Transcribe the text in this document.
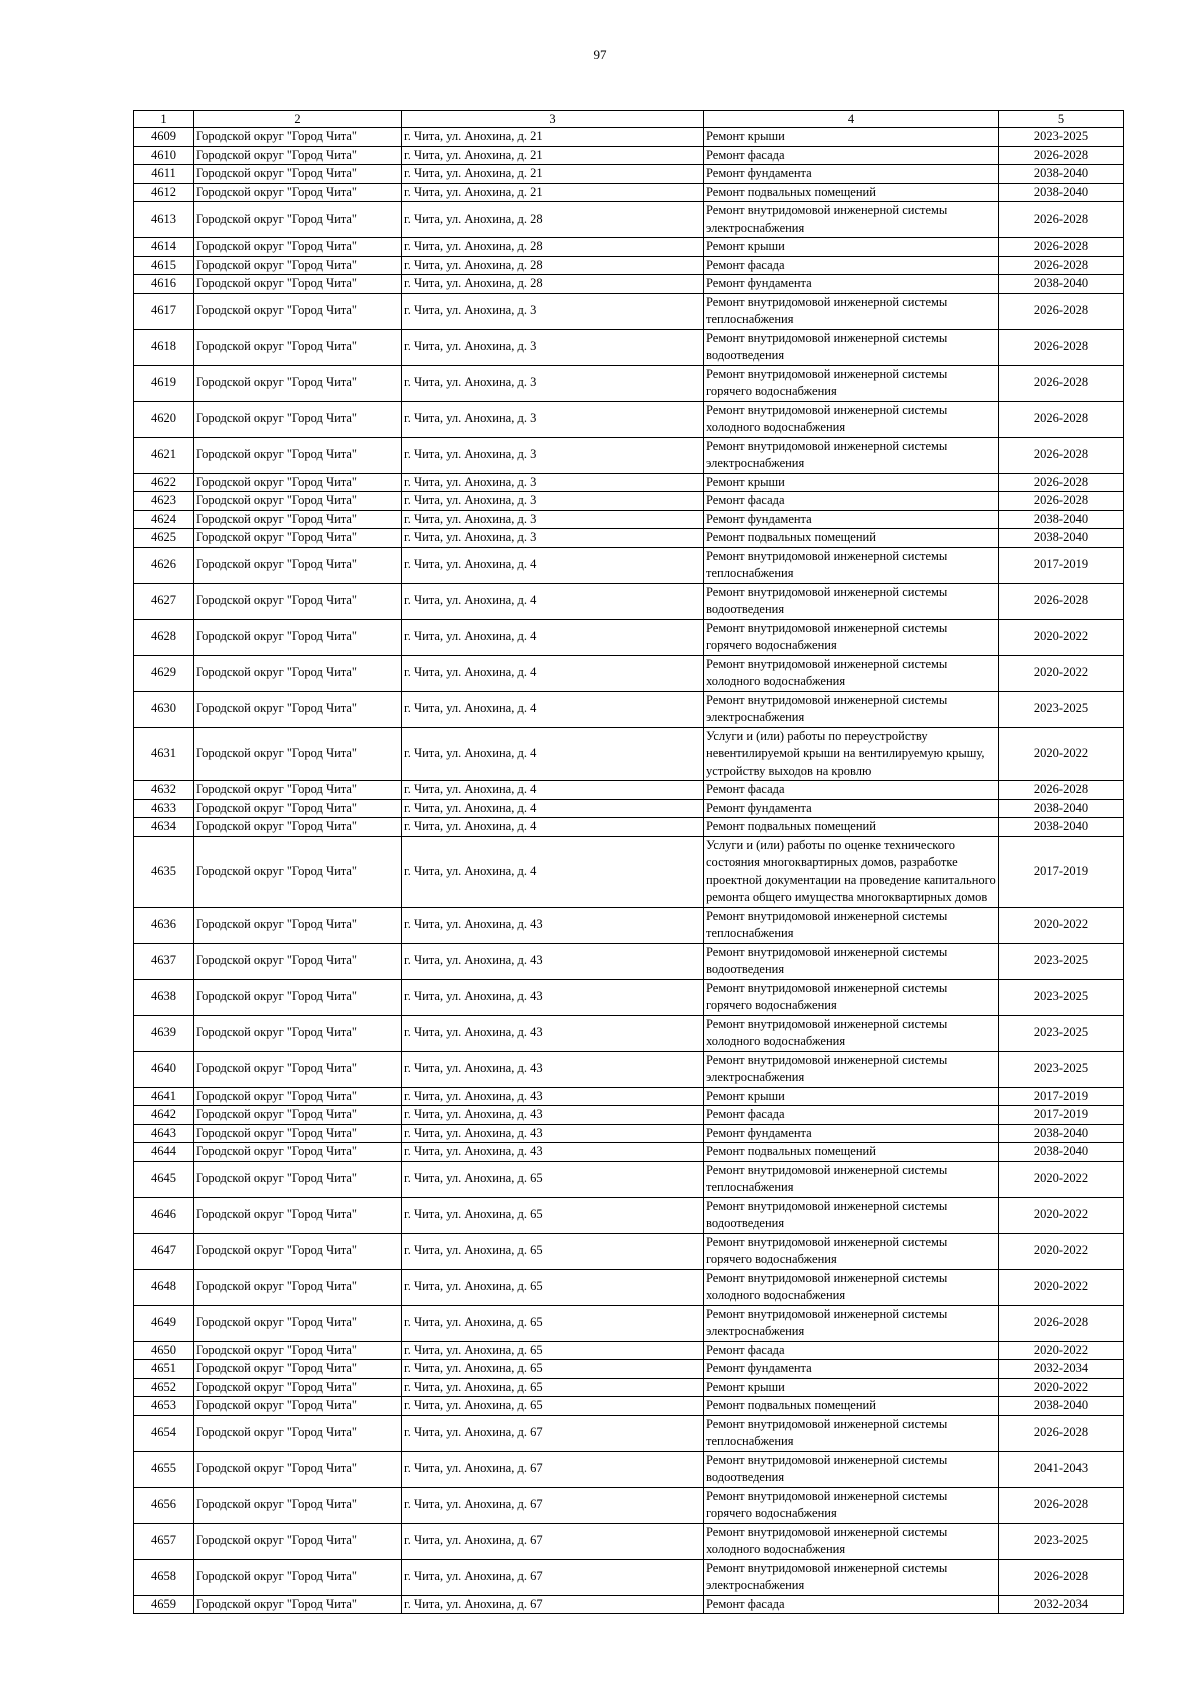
97
1	2	3	4	5
4609	Городской округ "Город Чита"	г. Чита, ул. Анохина, д. 21	Ремонт крыши	2023-2025
4610	Городской округ "Город Чита"	г. Чита, ул. Анохина, д. 21	Ремонт фасада	2026-2028
4611	Городской округ "Город Чита"	г. Чита, ул. Анохина, д. 21	Ремонт фундамента	2038-2040
4612	Городской округ "Город Чита"	г. Чита, ул. Анохина, д. 21	Ремонт подвальных помещений	2038-2040
4613	Городской округ "Город Чита"	г. Чита, ул. Анохина, д. 28	Ремонт внутридомовой инженерной системы электроснабжения	2026-2028
4614	Городской округ "Город Чита"	г. Чита, ул. Анохина, д. 28	Ремонт крыши	2026-2028
4615	Городской округ "Город Чита"	г. Чита, ул. Анохина, д. 28	Ремонт фасада	2026-2028
4616	Городской округ "Город Чита"	г. Чита, ул. Анохина, д. 28	Ремонт фундамента	2038-2040
4617	Городской округ "Город Чита"	г. Чита, ул. Анохина, д. 3	Ремонт внутридомовой инженерной системы теплоснабжения	2026-2028
4618	Городской округ "Город Чита"	г. Чита, ул. Анохина, д. 3	Ремонт внутридомовой инженерной системы водоотведения	2026-2028
4619	Городской округ "Город Чита"	г. Чита, ул. Анохина, д. 3	Ремонт внутридомовой инженерной системы горячего водоснабжения	2026-2028
4620	Городской округ "Город Чита"	г. Чита, ул. Анохина, д. 3	Ремонт внутридомовой инженерной системы холодного водоснабжения	2026-2028
4621	Городской округ "Город Чита"	г. Чита, ул. Анохина, д. 3	Ремонт внутридомовой инженерной системы электроснабжения	2026-2028
4622	Городской округ "Город Чита"	г. Чита, ул. Анохина, д. 3	Ремонт крыши	2026-2028
4623	Городской округ "Город Чита"	г. Чита, ул. Анохина, д. 3	Ремонт фасада	2026-2028
4624	Городской округ "Город Чита"	г. Чита, ул. Анохина, д. 3	Ремонт фундамента	2038-2040
4625	Городской округ "Город Чита"	г. Чита, ул. Анохина, д. 3	Ремонт подвальных помещений	2038-2040
4626	Городской округ "Город Чита"	г. Чита, ул. Анохина, д. 4	Ремонт внутридомовой инженерной системы теплоснабжения	2017-2019
4627	Городской округ "Город Чита"	г. Чита, ул. Анохина, д. 4	Ремонт внутридомовой инженерной системы водоотведения	2026-2028
4628	Городской округ "Город Чита"	г. Чита, ул. Анохина, д. 4	Ремонт внутридомовой инженерной системы горячего водоснабжения	2020-2022
4629	Городской округ "Город Чита"	г. Чита, ул. Анохина, д. 4	Ремонт внутридомовой инженерной системы холодного водоснабжения	2020-2022
4630	Городской округ "Город Чита"	г. Чита, ул. Анохина, д. 4	Ремонт внутридомовой инженерной системы электроснабжения	2023-2025
4631	Городской округ "Город Чита"	г. Чита, ул. Анохина, д. 4	Услуги и (или) работы по переустройству невентилируемой крыши на вентилируемую крышу, устройству выходов на кровлю	2020-2022
4632	Городской округ "Город Чита"	г. Чита, ул. Анохина, д. 4	Ремонт фасада	2026-2028
4633	Городской округ "Город Чита"	г. Чита, ул. Анохина, д. 4	Ремонт фундамента	2038-2040
4634	Городской округ "Город Чита"	г. Чита, ул. Анохина, д. 4	Ремонт подвальных помещений	2038-2040
4635	Городской округ "Город Чита"	г. Чита, ул. Анохина, д. 4	Услуги и (или) работы по оценке технического состояния многоквартирных домов, разработке проектной документации на проведение капитального ремонта общего имущества многоквартирных домов	2017-2019
4636	Городской округ "Город Чита"	г. Чита, ул. Анохина, д. 43	Ремонт внутридомовой инженерной системы теплоснабжения	2020-2022
4637	Городской округ "Город Чита"	г. Чита, ул. Анохина, д. 43	Ремонт внутридомовой инженерной системы водоотведения	2023-2025
4638	Городской округ "Город Чита"	г. Чита, ул. Анохина, д. 43	Ремонт внутридомовой инженерной системы горячего водоснабжения	2023-2025
4639	Городской округ "Город Чита"	г. Чита, ул. Анохина, д. 43	Ремонт внутридомовой инженерной системы холодного водоснабжения	2023-2025
4640	Городской округ "Город Чита"	г. Чита, ул. Анохина, д. 43	Ремонт внутридомовой инженерной системы электроснабжения	2023-2025
4641	Городской округ "Город Чита"	г. Чита, ул. Анохина, д. 43	Ремонт крыши	2017-2019
4642	Городской округ "Город Чита"	г. Чита, ул. Анохина, д. 43	Ремонт фасада	2017-2019
4643	Городской округ "Город Чита"	г. Чита, ул. Анохина, д. 43	Ремонт фундамента	2038-2040
4644	Городской округ "Город Чита"	г. Чита, ул. Анохина, д. 43	Ремонт подвальных помещений	2038-2040
4645	Городской округ "Город Чита"	г. Чита, ул. Анохина, д. 65	Ремонт внутридомовой инженерной системы теплоснабжения	2020-2022
4646	Городской округ "Город Чита"	г. Чита, ул. Анохина, д. 65	Ремонт внутридомовой инженерной системы водоотведения	2020-2022
4647	Городской округ "Город Чита"	г. Чита, ул. Анохина, д. 65	Ремонт внутридомовой инженерной системы горячего водоснабжения	2020-2022
4648	Городской округ "Город Чита"	г. Чита, ул. Анохина, д. 65	Ремонт внутридомовой инженерной системы холодного водоснабжения	2020-2022
4649	Городской округ "Город Чита"	г. Чита, ул. Анохина, д. 65	Ремонт внутридомовой инженерной системы электроснабжения	2026-2028
4650	Городской округ "Город Чита"	г. Чита, ул. Анохина, д. 65	Ремонт фасада	2020-2022
4651	Городской округ "Город Чита"	г. Чита, ул. Анохина, д. 65	Ремонт фундамента	2032-2034
4652	Городской округ "Город Чита"	г. Чита, ул. Анохина, д. 65	Ремонт крыши	2020-2022
4653	Городской округ "Город Чита"	г. Чита, ул. Анохина, д. 65	Ремонт подвальных помещений	2038-2040
4654	Городской округ "Город Чита"	г. Чита, ул. Анохина, д. 67	Ремонт внутридомовой инженерной системы теплоснабжения	2026-2028
4655	Городской округ "Город Чита"	г. Чита, ул. Анохина, д. 67	Ремонт внутридомовой инженерной системы водоотведения	2041-2043
4656	Городской округ "Город Чита"	г. Чита, ул. Анохина, д. 67	Ремонт внутридомовой инженерной системы горячего водоснабжения	2026-2028
4657	Городской округ "Город Чита"	г. Чита, ул. Анохина, д. 67	Ремонт внутридомовой инженерной системы холодного водоснабжения	2023-2025
4658	Городской округ "Город Чита"	г. Чита, ул. Анохина, д. 67	Ремонт внутридомовой инженерной системы электроснабжения	2026-2028
4659	Городской округ "Город Чита"	г. Чита, ул. Анохина, д. 67	Ремонт фасада	2032-2034
